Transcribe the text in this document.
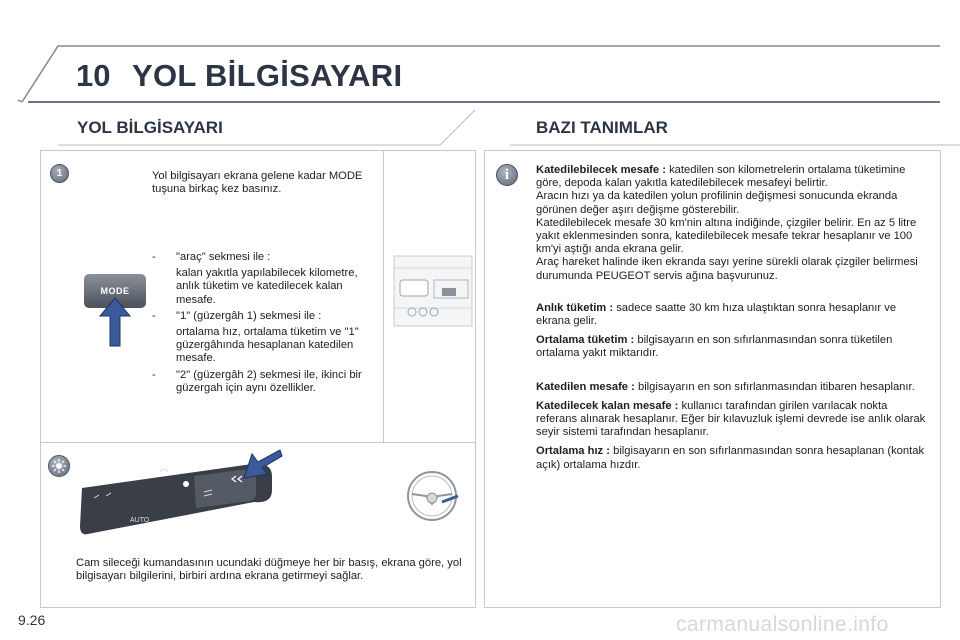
10 YOL BİLGİSAYARI
YOL BİLGİSAYARI	BAZI TANIMLAR
1	Yol bilgisayarı ekrana gelene kadar MODE tuşuna birkaç kez basınız.
MODE
-	"araç" sekmesi ile :
kalan yakıtla yapılabilecek kilometre, anlık tüketim ve katedilecek kalan mesafe.
-	"1" (güzergâh 1) sekmesi ile :
ortalama hız, ortalama tüketim ve "1" güzergâhında hesaplanan katedilen mesafe.
-	"2" (güzergâh 2) sekmesi ile, ikinci bir güzergah için aynı özellikler.
AUTO
Cam sileceği kumandasının ucundaki düğmeye her bir basış, ekrana göre, yol bilgisayarı bilgilerini, birbiri ardına ekrana getirmeyi sağlar.
i	Katedilebilecek mesafe : katedilen son kilometrelerin ortalama tüketimine göre, depoda kalan yakıtla katedilebilecek mesafeyi belirtir.
Aracın hızı ya da katedilen yolun profilinin değişmesi sonucunda ekranda görünen değer aşırı değişme gösterebilir.
Katedilebilecek mesafe 30 km'nin altına indiğinde, çizgiler belirir. En az 5 litre yakıt eklenmesinden sonra, katedilebilecek mesafe tekrar hesaplanır ve 100 km'yi aştığı anda ekrana gelir.
Araç hareket halinde iken ekranda sayı yerine sürekli olarak çizgiler belirmesi durumunda PEUGEOT servis ağına başvurunuz.
Anlık tüketim : sadece saatte 30 km hıza ulaştıktan sonra hesaplanır ve ekrana gelir.
Ortalama tüketim : bilgisayarın en son sıfırlanmasından sonra tüketilen ortalama yakıt miktarıdır.
Katedilen mesafe : bilgisayarın en son sıfırlanmasından itibaren hesaplanır.
Katedilecek kalan mesafe : kullanıcı tarafından girilen varılacak nokta referans alınarak hesaplanır. Eğer bir kılavuzluk işlemi devrede ise anlık olarak seyir sistemi tarafından hesaplanır.
Ortalama hız : bilgisayarın en son sıfırlanmasından sonra hesaplanan (kontak açık) ortalama hızdır.
9.26	carmanualsonline.info
